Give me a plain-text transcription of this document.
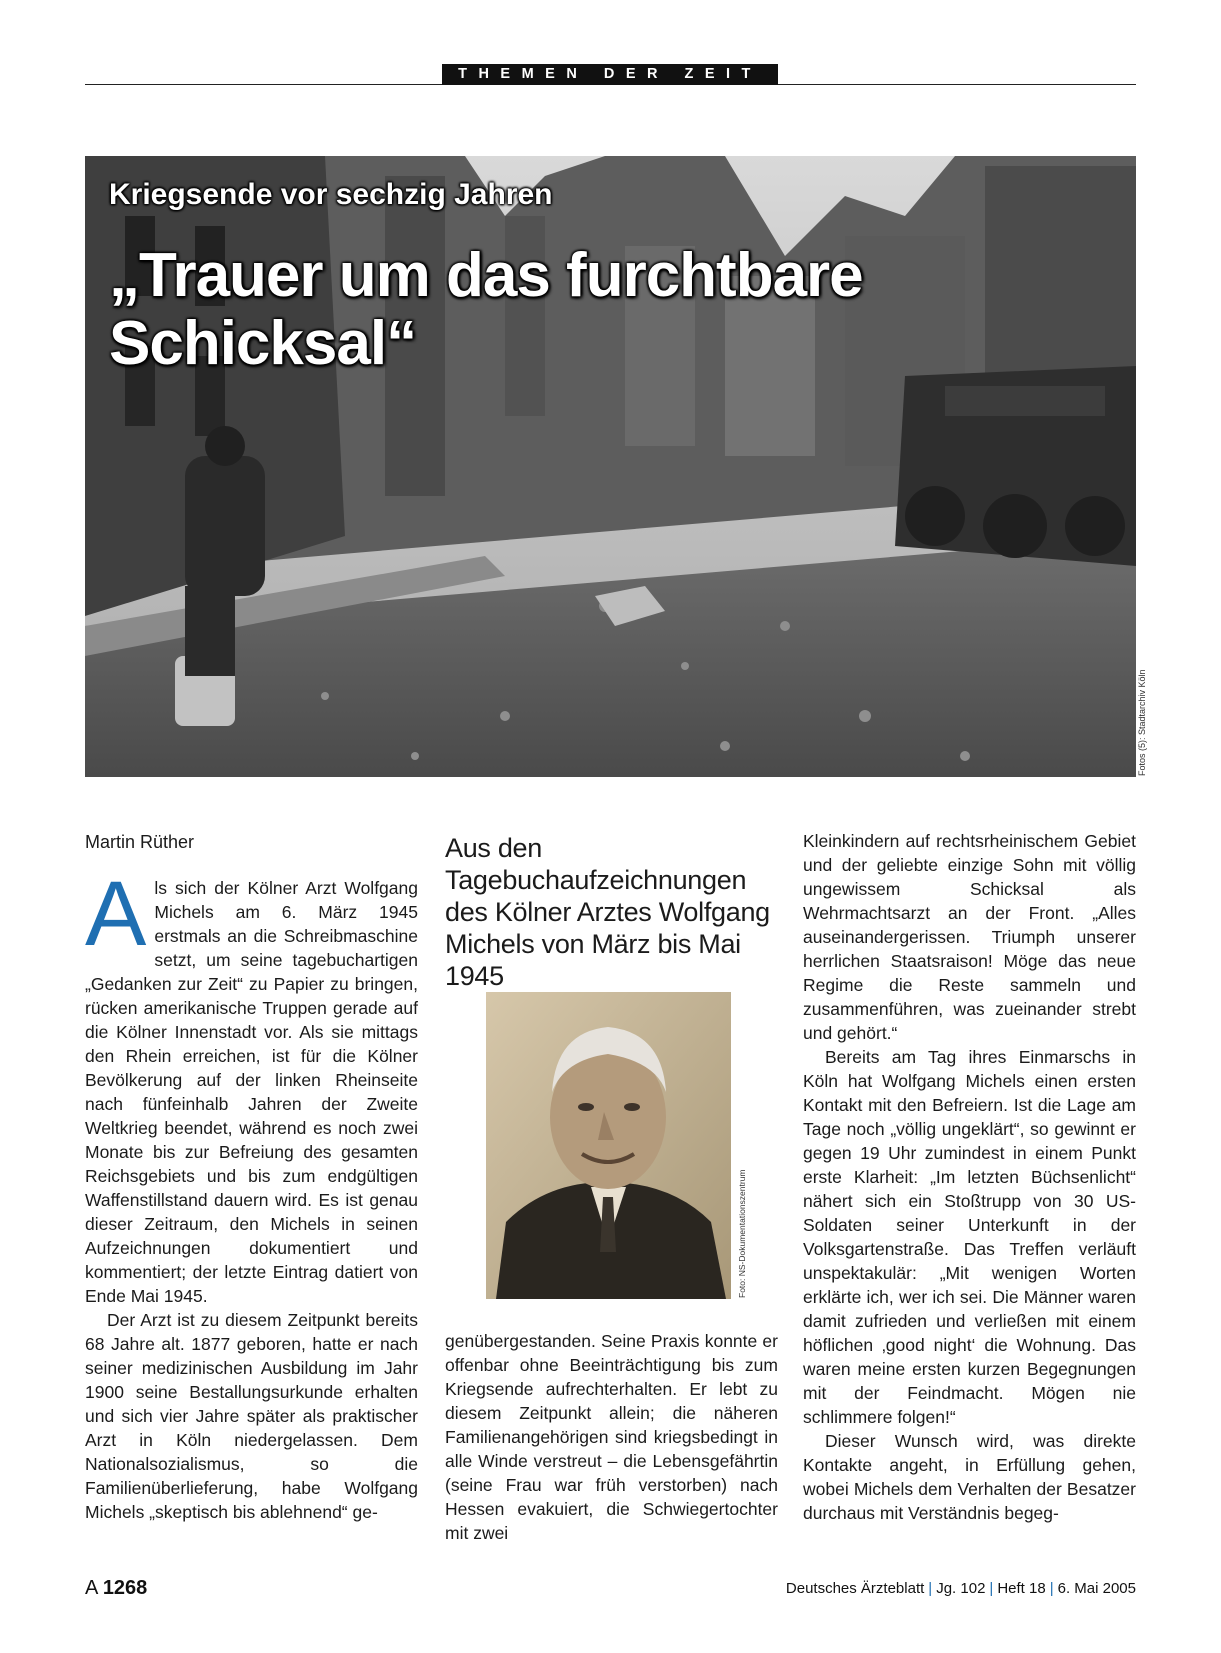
THEMEN DER ZEIT
Kriegsende vor sechzig Jahren
„Trauer um das furchtbare Schicksal“
Fotos (5): Stadtarchiv Köln
Martin Rüther

Als sich der Kölner Arzt Wolfgang Michels am 6. März 1945 erstmals an die Schreibmaschine setzt, um seine tagebuchartigen „Gedanken zur Zeit“ zu Papier zu bringen, rücken amerikanische Truppen gerade auf die Kölner Innenstadt vor. Als sie mittags den Rhein erreichen, ist für die Kölner Bevölkerung auf der linken Rheinseite nach fünfeinhalb Jahren der Zweite Weltkrieg beendet, während es noch zwei Monate bis zur Befreiung des gesamten Reichsgebiets und bis zum endgültigen Waffenstillstand dauern wird. Es ist genau dieser Zeitraum, den Michels in seinen Aufzeichnungen dokumentiert und kommentiert; der letzte Eintrag datiert von Ende Mai 1945.

Der Arzt ist zu diesem Zeitpunkt bereits 68 Jahre alt. 1877 geboren, hatte er nach seiner medizinischen Ausbildung im Jahr 1900 seine Bestallungsurkunde erhalten und sich vier Jahre später als praktischer Arzt in Köln niedergelassen. Dem Nationalsozialismus, so die Familienüberlieferung, habe Wolfgang Michels „skeptisch bis ablehnend“ ge-

Aus den Tagebuchaufzeichnungen des Kölner Arztes Wolfgang Michels von März bis Mai 1945
Foto: NS-Dokumentationszentrum

genübergestanden. Seine Praxis konnte er offenbar ohne Beeinträchtigung bis zum Kriegsende aufrechterhalten. Er lebt zu diesem Zeitpunkt allein; die näheren Familienangehörigen sind kriegsbedingt in alle Winde verstreut – die Lebensgefährtin (seine Frau war früh verstorben) nach Hessen evakuiert, die Schwiegertochter mit zwei

Kleinkindern auf rechtsrheinischem Gebiet und der geliebte einzige Sohn mit völlig ungewissem Schicksal als Wehrmachtsarzt an der Front. „Alles auseinandergerissen. Triumph unserer herrlichen Staatsraison! Möge das neue Regime die Reste sammeln und zusammenführen, was zueinander strebt und gehört.“

Bereits am Tag ihres Einmarschs in Köln hat Wolfgang Michels einen ersten Kontakt mit den Befreiern. Ist die Lage am Tage noch „völlig ungeklärt“, so gewinnt er gegen 19 Uhr zumindest in einem Punkt erste Klarheit: „Im letzten Büchsenlicht“ nähert sich ein Stoßtrupp von 30 US-Soldaten seiner Unterkunft in der Volksgartenstraße. Das Treffen verläuft unspektakulär: „Mit wenigen Worten erklärte ich, wer ich sei. Die Männer waren damit zufrieden und verließen mit einem höflichen ‚good night‘ die Wohnung. Das waren meine ersten kurzen Begegnungen mit der Feindmacht. Mögen nie schlimmere folgen!“

Dieser Wunsch wird, was direkte Kontakte angeht, in Erfüllung gehen, wobei Michels dem Verhalten der Besatzer durchaus mit Verständnis begeg-

A 1268	Deutsches Ärzteblatt | Jg. 102 | Heft 18 | 6. Mai 2005
